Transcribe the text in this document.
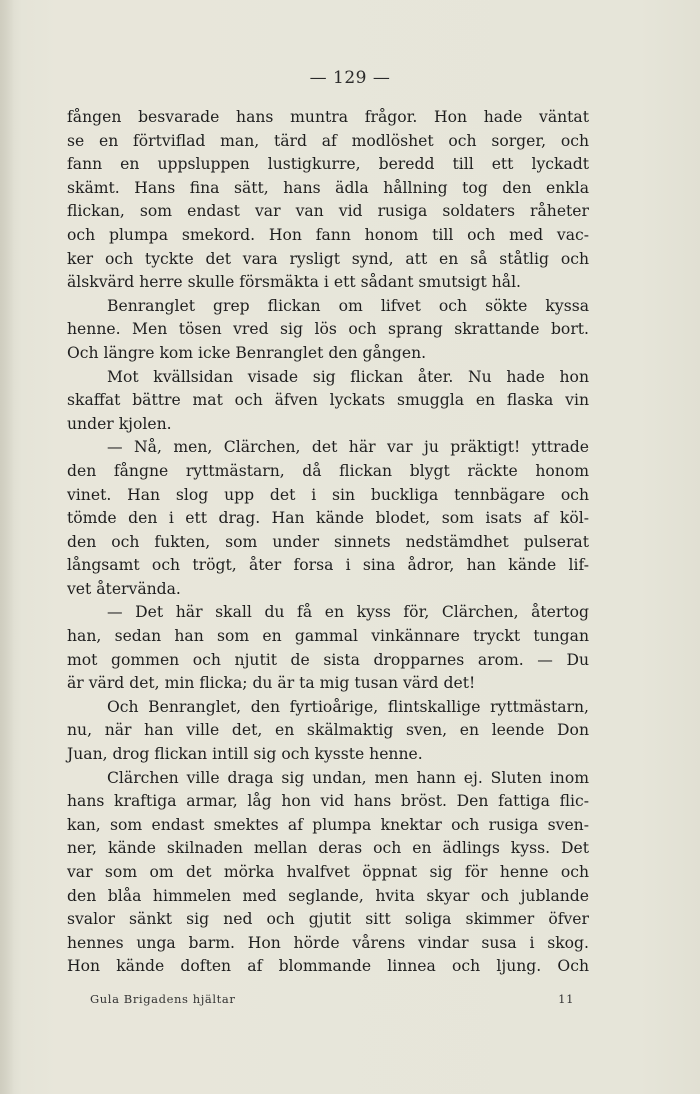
— 129 —
fången besvarade hans muntra frågor. Hon hade väntat
se en förtviflad man, tärd af modlöshet och sorger, och
fann en uppsluppen lustigkurre, beredd till ett lyckadt
skämt. Hans fina sätt, hans ädla hållning tog den enkla
flickan, som endast var van vid rusiga soldaters råheter
och plumpa smekord. Hon fann honom till och med vac-
ker och tyckte det vara rysligt synd, att en så ståtlig och
älskvärd herre skulle försmäkta i ett sådant smutsigt hål.
Benranglet grep flickan om lifvet och sökte kyssa
henne. Men tösen vred sig lös och sprang skrattande bort.
Och längre kom icke Benranglet den gången.
Mot kvällsidan visade sig flickan åter. Nu hade hon
skaffat bättre mat och äfven lyckats smuggla en flaska vin
under kjolen.
— Nå, men, Clärchen, det här var ju präktigt! yttrade
den fångne ryttmästarn, då flickan blygt räckte honom
vinet. Han slog upp det i sin buckliga tennbägare och
tömde den i ett drag. Han kände blodet, som isats af köl-
den och fukten, som under sinnets nedstämdhet pulserat
långsamt och trögt, åter forsa i sina ådror, han kände lif-
vet återvända.
— Det här skall du få en kyss för, Clärchen, återtog
han, sedan han som en gammal vinkännare tryckt tungan
mot gommen och njutit de sista dropparnes arom. — Du
är värd det, min flicka; du är ta mig tusan värd det!
Och Benranglet, den fyrtioårige, flintskallige ryttmästarn,
nu, när han ville det, en skälmaktig sven, en leende Don
Juan, drog flickan intill sig och kysste henne.
Clärchen ville draga sig undan, men hann ej. Sluten inom
hans kraftiga armar, låg hon vid hans bröst. Den fattiga flic-
kan, som endast smektes af plumpa knektar och rusiga sven-
ner, kände skilnaden mellan deras och en ädlings kyss. Det
var som om det mörka hvalfvet öppnat sig för henne och
den blåa himmelen med seglande, hvita skyar och jublande
svalor sänkt sig ned och gjutit sitt soliga skimmer öfver
hennes unga barm. Hon hörde vårens vindar susa i skog.
Hon kände doften af blommande linnea och ljung. Och
Gula Brigadens hjältar	11
